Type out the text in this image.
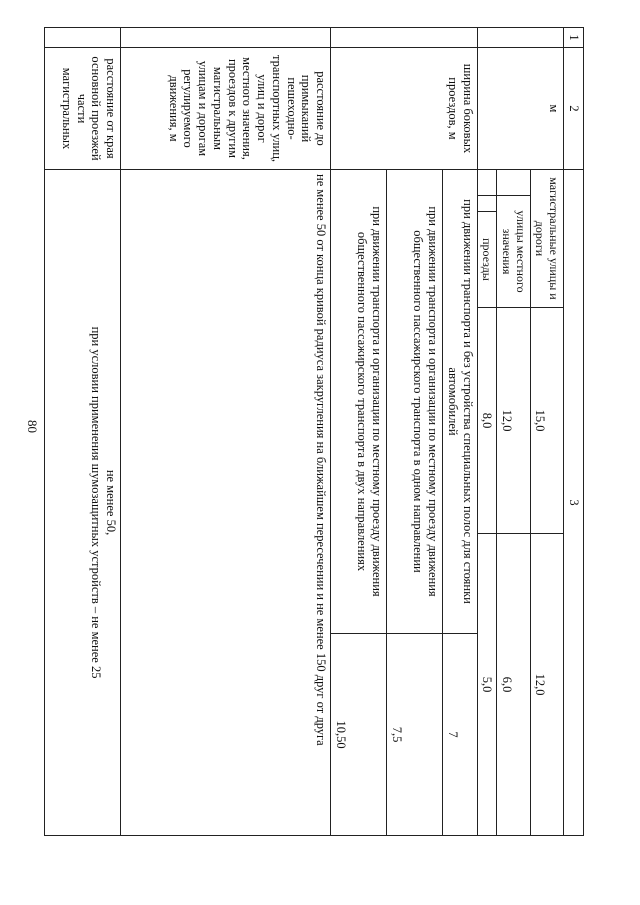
80
1	2	3					
	м	магистральные улицы и дороги			15,0	12,0	
			улицы местного значения		12,0	6,0	
				проезды	8,0	5,0	
	ширина боковых проездов, м	при движении транспорта и без устройства специальных полос для стоянки автомобилей					7
		при движении транспорта и организации по местному проезду движения общественного пассажирского транспорта в одном направлении					7,5
		при движении транспорта и организации по местному проезду движения общественного пассажирского транспорта в двух направлениях					10,50
	расстояние до примыканий пешеходно-транспортных улиц, улиц и дорог местного значения, проездов к другим магистральным улицам и дорогам регулируемого движения, м	не менее 50 от конца кривой радиуса закругления на ближайшем пересечении и не менее 150 друг от друга					
	расстояние от края основной проезжей части магистральных	не менее 50,
при условии применения шумозащитных устройств – не менее 25					
